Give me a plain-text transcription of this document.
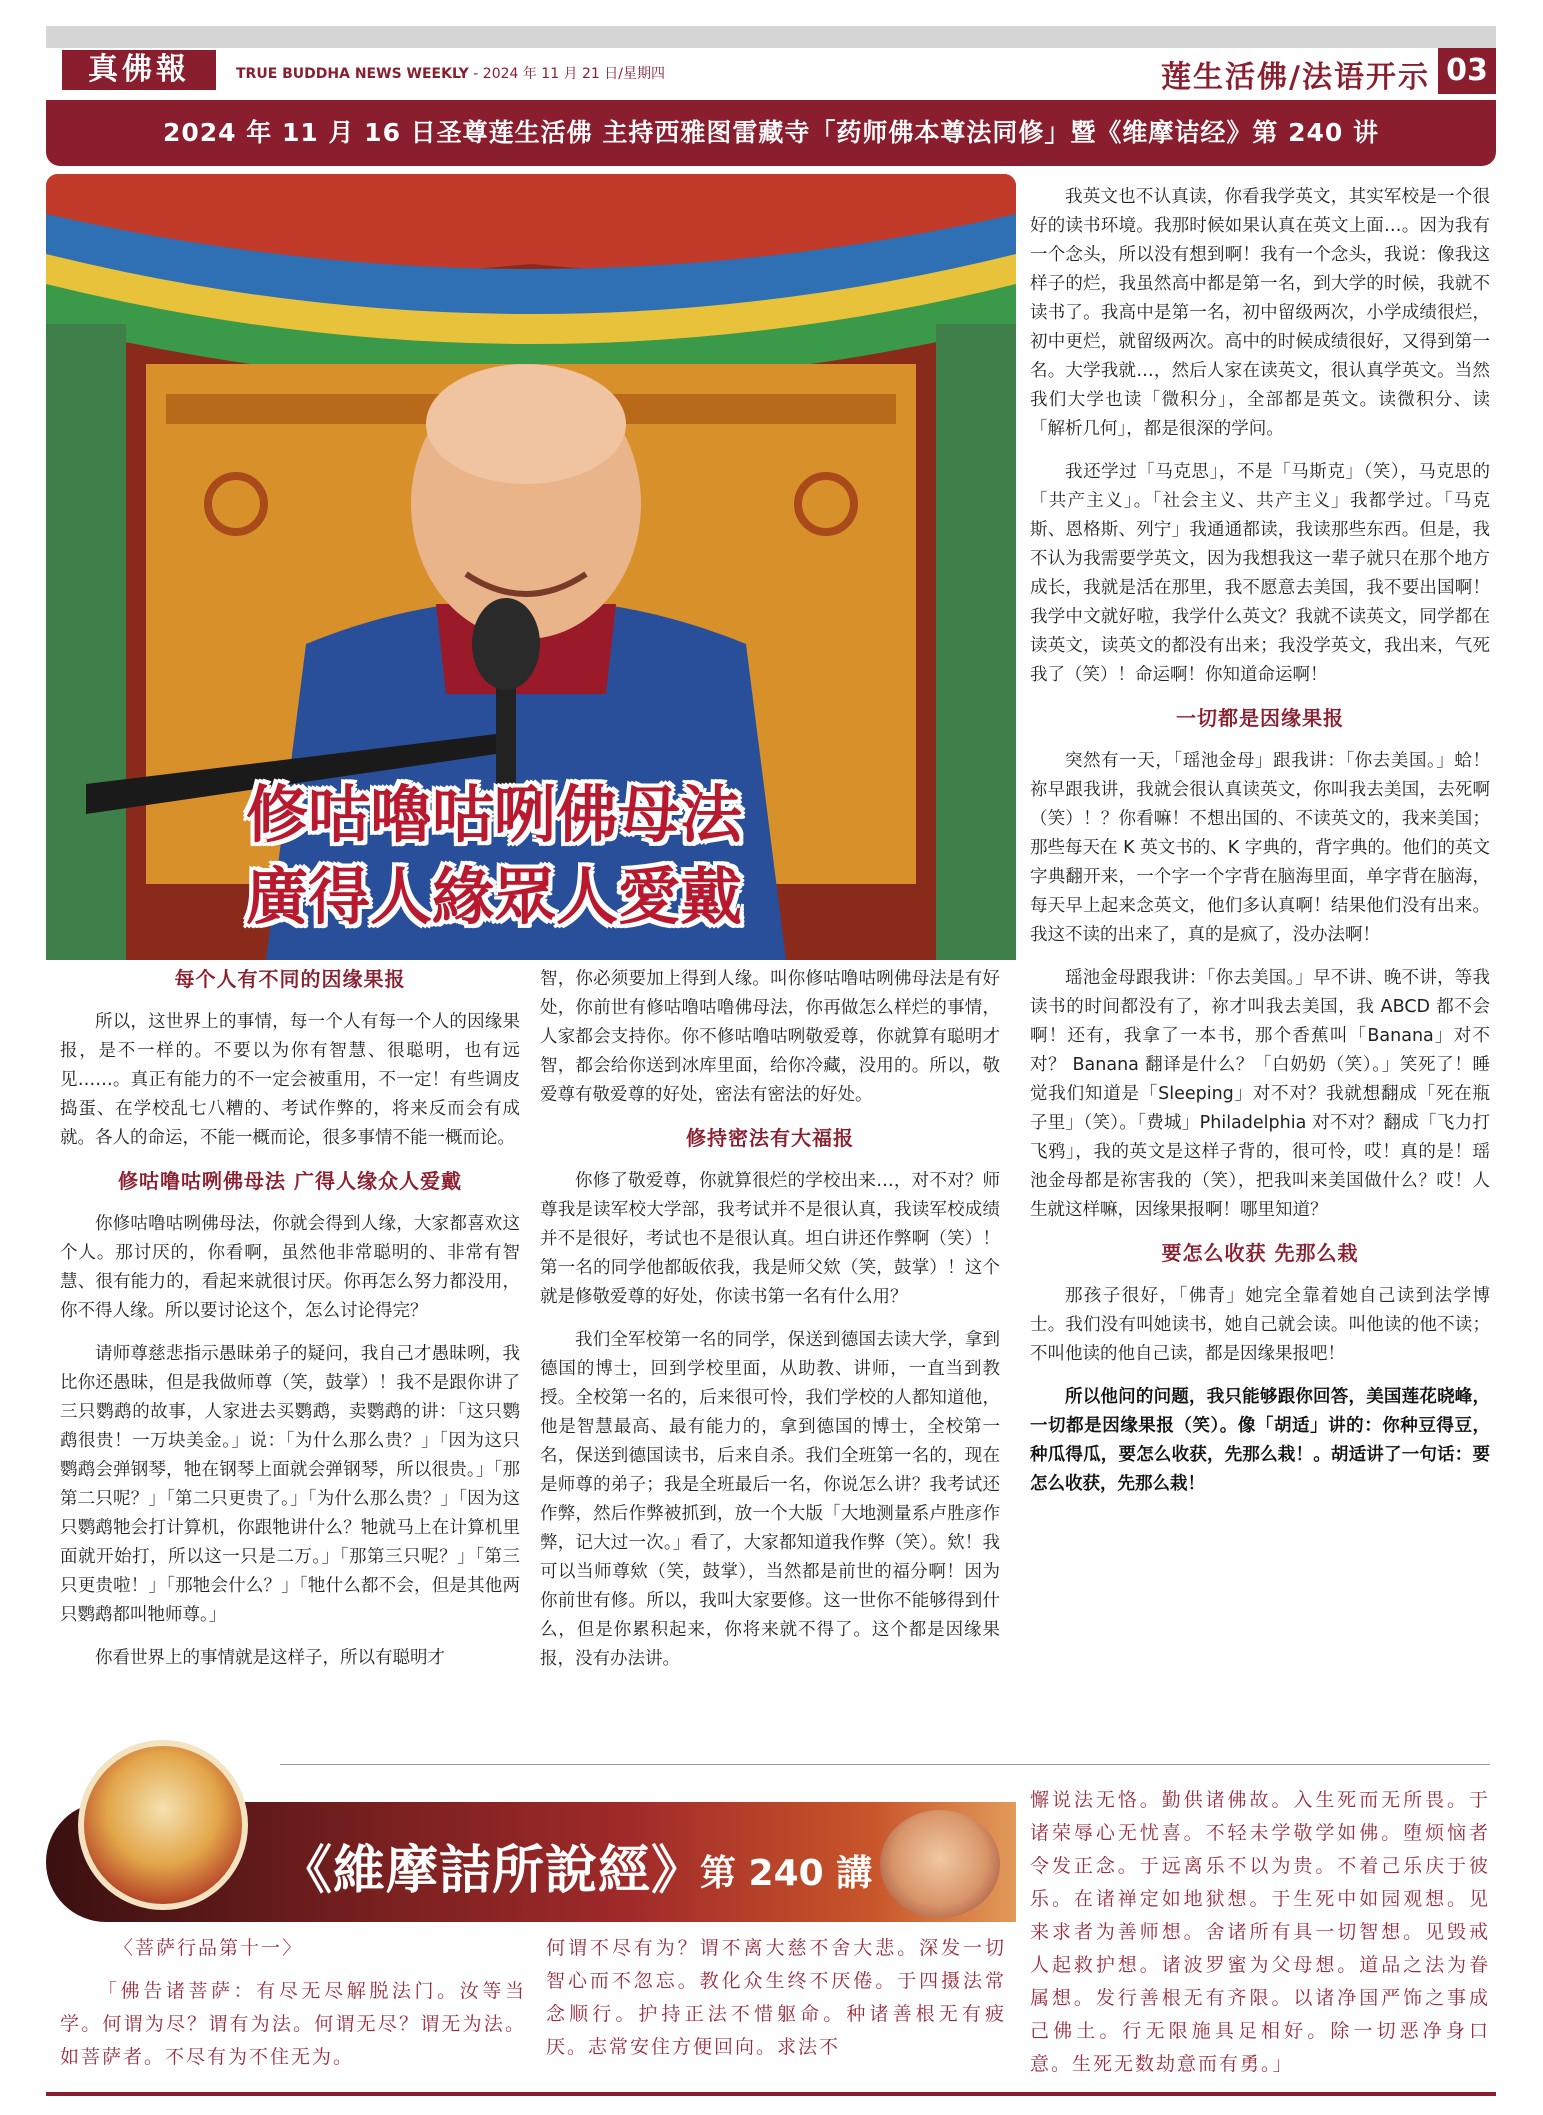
真佛報	TRUE BUDDHA NEWS WEEKLY - 2024 年 11 月 21 日/星期四	莲生活佛/法语开示 03
2024 年 11 月 16 日圣尊莲生活佛 主持西雅图雷藏寺「药师佛本尊法同修」暨《维摩诘经》第 240 讲
修咕嚕咕咧佛母法
廣得人緣眾人愛戴
每个人有不同的因缘果报

所以，这世界上的事情，每一个人有每一个人的因缘果报，是不一样的。不要以为你有智慧、很聪明，也有远见……。真正有能力的不一定会被重用，不一定！有些调皮捣蛋、在学校乱七八糟的、考试作弊的，将来反而会有成就。各人的命运，不能一概而论，很多事情不能一概而论。

修咕噜咕咧佛母法 广得人缘众人爱戴

你修咕噜咕咧佛母法，你就会得到人缘，大家都喜欢这个人。那讨厌的，你看啊，虽然他非常聪明的、非常有智慧、很有能力的，看起来就很讨厌。你再怎么努力都没用，你不得人缘。所以要讨论这个，怎么讨论得完？

请师尊慈悲指示愚昧弟子的疑问，我自己才愚昧咧，我比你还愚昧，但是我做师尊（笑，鼓掌）！我不是跟你讲了三只鹦鹉的故事，人家进去买鹦鹉，卖鹦鹉的讲：「这只鹦鹉很贵！一万块美金。」说：「为什么那么贵？」「因为这只鹦鹉会弹钢琴，牠在钢琴上面就会弹钢琴，所以很贵。」「那第二只呢？」「第二只更贵了。」「为什么那么贵？」「因为这只鹦鹉牠会打计算机，你跟牠讲什么？牠就马上在计算机里面就开始打，所以这一只是二万。」「那第三只呢？」「第三只更贵啦！」「那牠会什么？」「牠什么都不会，但是其他两只鹦鹉都叫牠师尊。」

你看世界上的事情就是这样子，所以有聪明才

智，你必须要加上得到人缘。叫你修咕噜咕咧佛母法是有好处，你前世有修咕噜咕噜佛母法，你再做怎么样烂的事情，人家都会支持你。你不修咕噜咕咧敬爱尊，你就算有聪明才智，都会给你送到冰库里面，给你冷藏，没用的。所以，敬爱尊有敬爱尊的好处，密法有密法的好处。

修持密法有大福报

你修了敬爱尊，你就算很烂的学校出来…，对不对？师尊我是读军校大学部，我考试并不是很认真，我读军校成绩并不是很好，考试也不是很认真。坦白讲还作弊啊（笑）！第一名的同学他都皈依我，我是师父欸（笑，鼓掌）！这个就是修敬爱尊的好处，你读书第一名有什么用？

我们全军校第一名的同学，保送到德国去读大学，拿到德国的博士，回到学校里面，从助教、讲师，一直当到教授。全校第一名的，后来很可怜，我们学校的人都知道他，他是智慧最高、最有能力的，拿到德国的博士，全校第一名，保送到德国读书，后来自杀。我们全班第一名的，现在是师尊的弟子；我是全班最后一名，你说怎么讲？我考试还作弊，然后作弊被抓到，放一个大版「大地测量系卢胜彦作弊，记大过一次。」看了，大家都知道我作弊（笑）。欸！我可以当师尊欸（笑，鼓掌），当然都是前世的福分啊！因为你前世有修。所以，我叫大家要修。这一世你不能够得到什么，但是你累积起来，你将来就不得了。这个都是因缘果报，没有办法讲。

我英文也不认真读，你看我学英文，其实军校是一个很好的读书环境。我那时候如果认真在英文上面…。因为我有一个念头，所以没有想到啊！我有一个念头，我说：像我这样子的烂，我虽然高中都是第一名，到大学的时候，我就不读书了。我高中是第一名，初中留级两次，小学成绩很烂，初中更烂，就留级两次。高中的时候成绩很好，又得到第一名。大学我就…，然后人家在读英文，很认真学英文。当然我们大学也读「微积分」，全部都是英文。读微积分、读「解析几何」，都是很深的学问。

我还学过「马克思」，不是「马斯克」（笑），马克思的「共产主义」。「社会主义、共产主义」我都学过。「马克斯、恩格斯、列宁」我通通都读，我读那些东西。但是，我不认为我需要学英文，因为我想我这一辈子就只在那个地方成长，我就是活在那里，我不愿意去美国，我不要出国啊！我学中文就好啦，我学什么英文？我就不读英文，同学都在读英文，读英文的都没有出来；我没学英文，我出来，气死我了（笑）！命运啊！你知道命运啊！

一切都是因缘果报

突然有一天，「瑶池金母」跟我讲：「你去美国。」蛤！祢早跟我讲，我就会很认真读英文，你叫我去美国，去死啊（笑）！？你看嘛！不想出国的、不读英文的，我来美国；那些每天在 K 英文书的、K 字典的，背字典的。他们的英文字典翻开来，一个字一个字背在脑海里面，单字背在脑海，每天早上起来念英文，他们多认真啊！结果他们没有出来。我这不读的出来了，真的是疯了，没办法啊！

瑶池金母跟我讲：「你去美国。」早不讲、晚不讲，等我读书的时间都没有了，祢才叫我去美国，我 ABCD 都不会啊！还有，我拿了一本书，那个香蕉叫「Banana」对不对？ Banana 翻译是什么？「白奶奶（笑）。」笑死了！睡觉我们知道是「Sleeping」对不对？我就想翻成「死在瓶子里」（笑）。「费城」Philadelphia 对不对？翻成「飞力打飞鸦」，我的英文是这样子背的，很可怜，哎！真的是！瑶池金母都是祢害我的（笑），把我叫来美国做什么？哎！人生就这样嘛，因缘果报啊！哪里知道？

要怎么收获 先那么栽

那孩子很好，「佛青」她完全靠着她自己读到法学博士。我们没有叫她读书，她自己就会读。叫他读的他不读；不叫他读的他自己读，都是因缘果报吧！

所以他问的问题，我只能够跟你回答，美国莲花晓峰，一切都是因缘果报（笑）。像「胡适」讲的：你种豆得豆，种瓜得瓜，要怎么收获，先那么栽！。胡适讲了一句话：要怎么收获，先那么栽！

《維摩詰所說經》
第 240 講

〈菩萨行品第十一〉

「佛告诸菩萨：有尽无尽解脱法门。汝等当学。何谓为尽？谓有为法。何谓无尽？谓无为法。如菩萨者。不尽有为不住无为。

何谓不尽有为？谓不离大慈不舍大悲。深发一切智心而不忽忘。教化众生终不厌倦。于四摄法常念顺行。护持正法不惜躯命。种诸善根无有疲厌。志常安住方便回向。求法不

懈说法无恪。勤供诸佛故。入生死而无所畏。于诸荣辱心无忧喜。不轻未学敬学如佛。堕烦恼者令发正念。于远离乐不以为贵。不着己乐庆于彼乐。在诸禅定如地狱想。于生死中如园观想。见来求者为善师想。舍诸所有具一切智想。见毁戒人起救护想。诸波罗蜜为父母想。道品之法为眷属想。发行善根无有齐限。以诸净国严饰之事成己佛土。行无限施具足相好。除一切恶净身口意。生死无数劫意而有勇。」
